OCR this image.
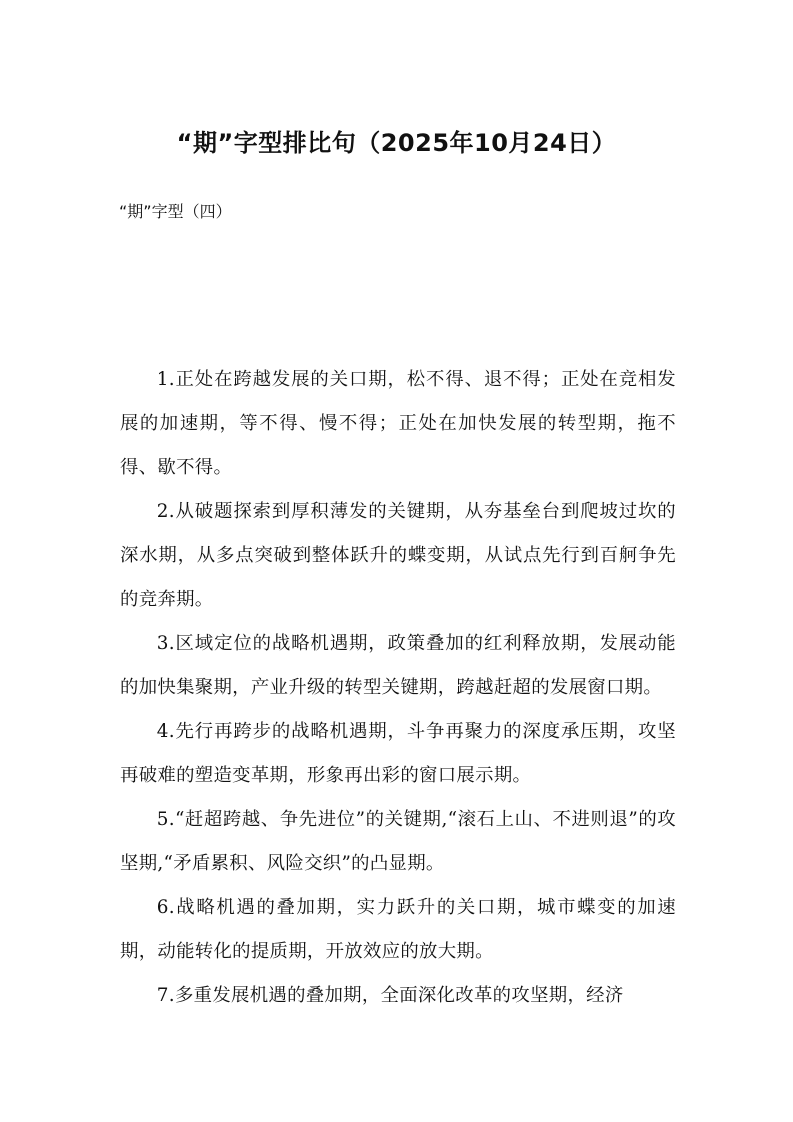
“期”字型排比句（2025年10月24日）

“期”字型（四）

1.正处在跨越发展的关口期，松不得、退不得；正处在竞相发展的加速期，等不得、慢不得；正处在加快发展的转型期，拖不得、歇不得。

2.从破题探索到厚积薄发的关键期，从夯基垒台到爬坡过坎的深水期，从多点突破到整体跃升的蝶变期，从试点先行到百舸争先的竞奔期。

3.区域定位的战略机遇期，政策叠加的红利释放期，发展动能的加快集聚期，产业升级的转型关键期，跨越赶超的发展窗口期。

4.先行再跨步的战略机遇期，斗争再聚力的深度承压期，攻坚再破难的塑造变革期，形象再出彩的窗口展示期。

5.“赶超跨越、争先进位”的关键期,“滚石上山、不进则退”的攻坚期,“矛盾累积、风险交织”的凸显期。

6.战略机遇的叠加期，实力跃升的关口期，城市蝶变的加速期，动能转化的提质期，开放效应的放大期。

7.多重发展机遇的叠加期，全面深化改革的攻坚期，经济
